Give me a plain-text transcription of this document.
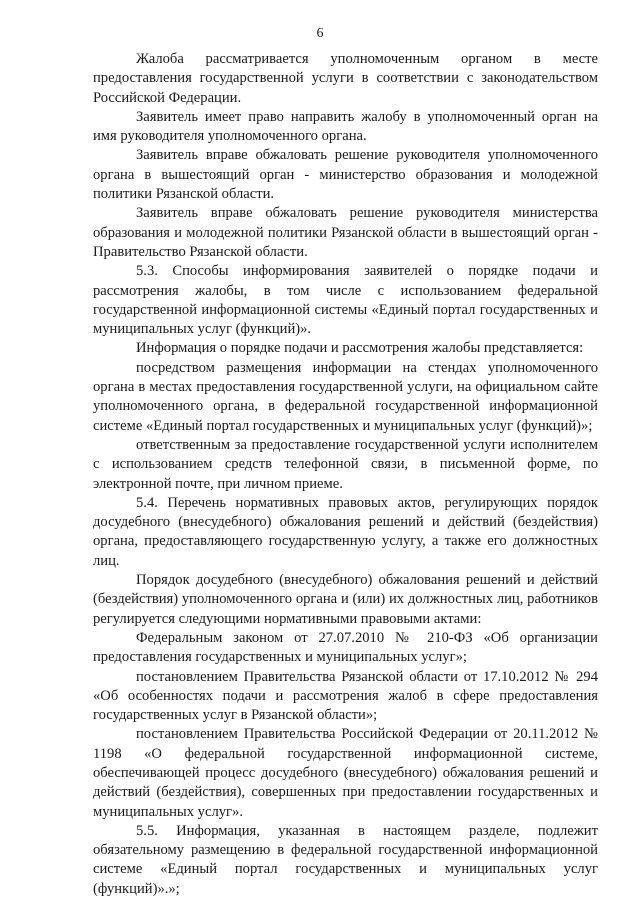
6

Жалоба рассматривается уполномоченным органом в месте предоставления государственной услуги в соответствии с законодательством Российской Федерации.

Заявитель имеет право направить жалобу в уполномоченный орган на имя руководителя уполномоченного органа.

Заявитель вправе обжаловать решение руководителя уполномоченного органа в вышестоящий орган - министерство образования и молодежной политики Рязанской области.

Заявитель вправе обжаловать решение руководителя министерства образования и молодежной политики Рязанской области в вышестоящий орган - Правительство Рязанской области.

5.3. Способы информирования заявителей о порядке подачи и рассмотрения жалобы, в том числе с использованием федеральной государственной информационной системы «Единый портал государственных и муниципальных услуг (функций)».

Информация о порядке подачи и рассмотрения жалобы представляется:

посредством размещения информации на стендах уполномоченного органа в местах предоставления государственной услуги, на официальном сайте уполномоченного органа, в федеральной государственной информационной системе «Единый портал государственных и муниципальных услуг (функций)»;

ответственным за предоставление государственной услуги исполнителем с использованием средств телефонной связи, в письменной форме, по электронной почте, при личном приеме.

5.4. Перечень нормативных правовых актов, регулирующих порядок досудебного (внесудебного) обжалования решений и действий (бездействия) органа, предоставляющего государственную услугу, а также его должностных лиц.

Порядок досудебного (внесудебного) обжалования решений и действий (бездействия) уполномоченного органа и (или) их должностных лиц, работников регулируется следующими нормативными правовыми актами:

Федеральным законом от 27.07.2010 № 210-ФЗ «Об организации предоставления государственных и муниципальных услуг»;

постановлением Правительства Рязанской области от 17.10.2012 № 294 «Об особенностях подачи и рассмотрения жалоб в сфере предоставления государственных услуг в Рязанской области»;

постановлением Правительства Российской Федерации от 20.11.2012 № 1198 «О федеральной государственной информационной системе, обеспечивающей процесс досудебного (внесудебного) обжалования решений и действий (бездействия), совершенных при предоставлении государственных и муниципальных услуг».

5.5. Информация, указанная в настоящем разделе, подлежит обязательному размещению в федеральной государственной информационной системе «Единый портал государственных и муниципальных услуг (функций)».»;
